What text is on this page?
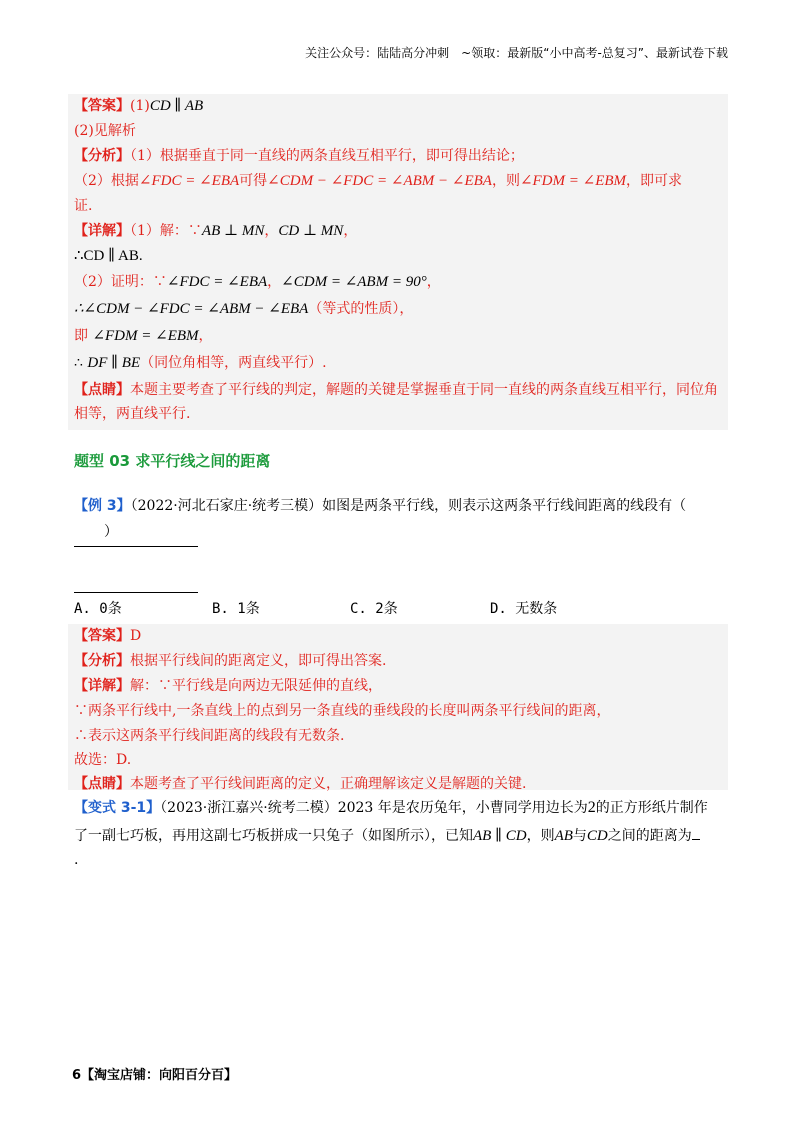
关注公众号：陆陆高分冲刺　~领取：最新版“小中高考-总复习”、最新试卷下载
【答案】(1)CD ∥ AB
(2)见解析
【分析】（1）根据垂直于同一直线的两条直线互相平行，即可得出结论；
（2）根据∠FDC = ∠EBA可得∠CDM − ∠FDC = ∠ABM − ∠EBA，则∠FDM = ∠EBM，即可求
证.
【详解】（1）解：∵AB ⊥ MN，CD ⊥ MN，
∴CD ∥ AB.
（2）证明：∵∠FDC = ∠EBA，∠CDM = ∠ABM = 90°，
∴∠CDM − ∠FDC = ∠ABM − ∠EBA（等式的性质），
即 ∠FDM = ∠EBM，
∴ DF ∥ BE（同位角相等，两直线平行）.
【点睛】本题主要考查了平行线的判定，解题的关键是掌握垂直于同一直线的两条直线互相平行，同位角
相等，两直线平行.
题型 03 求平行线之间的距离
【例 3】（2022·河北石家庄·统考三模）如图是两条平行线，则表示这两条平行线间距离的线段有（
）
A. 0条	B. 1条	C. 2条	D. 无数条
【答案】D
【分析】根据平行线间的距离定义，即可得出答案.
【详解】解：∵平行线是向两边无限延伸的直线，
∵两条平行线中,一条直线上的点到另一条直线的垂线段的长度叫两条平行线间的距离，
∴表示这两条平行线间距离的线段有无数条.
故选：D.
【点睛】本题考查了平行线间距离的定义，正确理解该定义是解题的关键.
【变式 3-1】（2023·浙江嘉兴·统考二模）2023 年是农历兔年，小曹同学用边长为2的正方形纸片制作
了一副七巧板，再用这副七巧板拼成一只兔子（如图所示），已知AB ∥ CD，则AB与CD之间的距离为
.
6【淘宝店铺：向阳百分百】
